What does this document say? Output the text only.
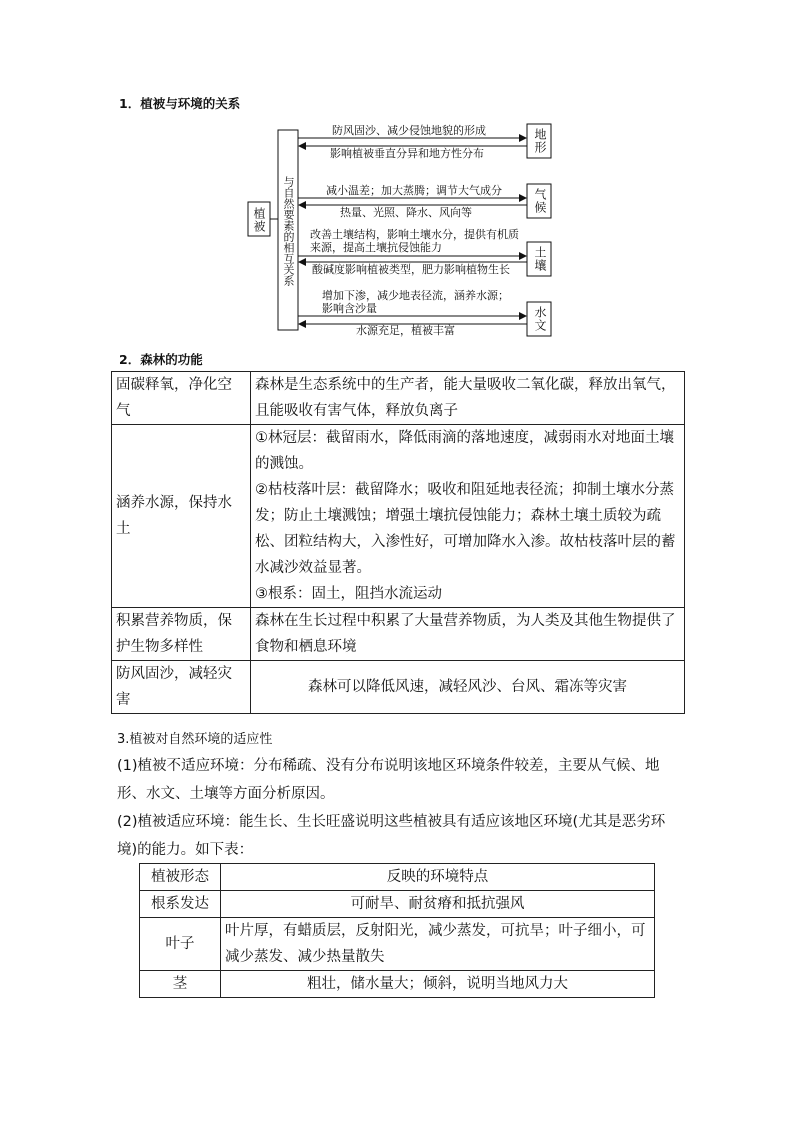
1．植被与环境的关系
植被 与自然要素的相互关系
地形
气候
土壤
水文
防风固沙、减少侵蚀地貌的形成
影响植被垂直分异和地方性分布
减小温差；加大蒸腾；调节大气成分
热量、光照、降水、风向等
改善土壤结构，影响土壤水分，提供有机质
来源，提高土壤抗侵蚀能力
酸碱度影响植被类型，肥力影响植物生长
增加下渗，减少地表径流，涵养水源；
影响含沙量
水源充足，植被丰富
2．森林的功能
固碳释氧，净化空气	森林是生态系统中的生产者，能大量吸收二氧化碳，释放出氧气，且能吸收有害气体，释放负离子
涵养水源，保持水土	①林冠层：截留雨水，降低雨滴的落地速度，减弱雨水对地面土壤的溅蚀。
②枯枝落叶层：截留降水；吸收和阻延地表径流；抑制土壤水分蒸发；防止土壤溅蚀；增强土壤抗侵蚀能力；森林土壤土质较为疏松、团粒结构大，入渗性好，可增加降水入渗。故枯枝落叶层的蓄水减沙效益显著。
③根系：固土，阻挡水流运动

积累营养物质，保护生物多样性	森林在生长过程中积累了大量营养物质，为人类及其他生物提供了食物和栖息环境
防风固沙，减轻灾害	森林可以降低风速，减轻风沙、台风、霜冻等灾害

3.植被对自然环境的适应性

(1)植被不适应环境：分布稀疏、没有分布说明该地区环境条件较差，主要从气候、地形、水文、土壤等方面分析原因。

(2)植被适应环境：能生长、生长旺盛说明这些植被具有适应该地区环境(尤其是恶劣环境)的能力。如下表：

植被形态	反映的环境特点
根系发达	可耐旱、耐贫瘠和抵抗强风
叶子	叶片厚，有蜡质层，反射阳光，减少蒸发，可抗旱；叶子细小，可减少蒸发、减少热量散失
茎	粗壮，储水量大；倾斜，说明当地风力大
